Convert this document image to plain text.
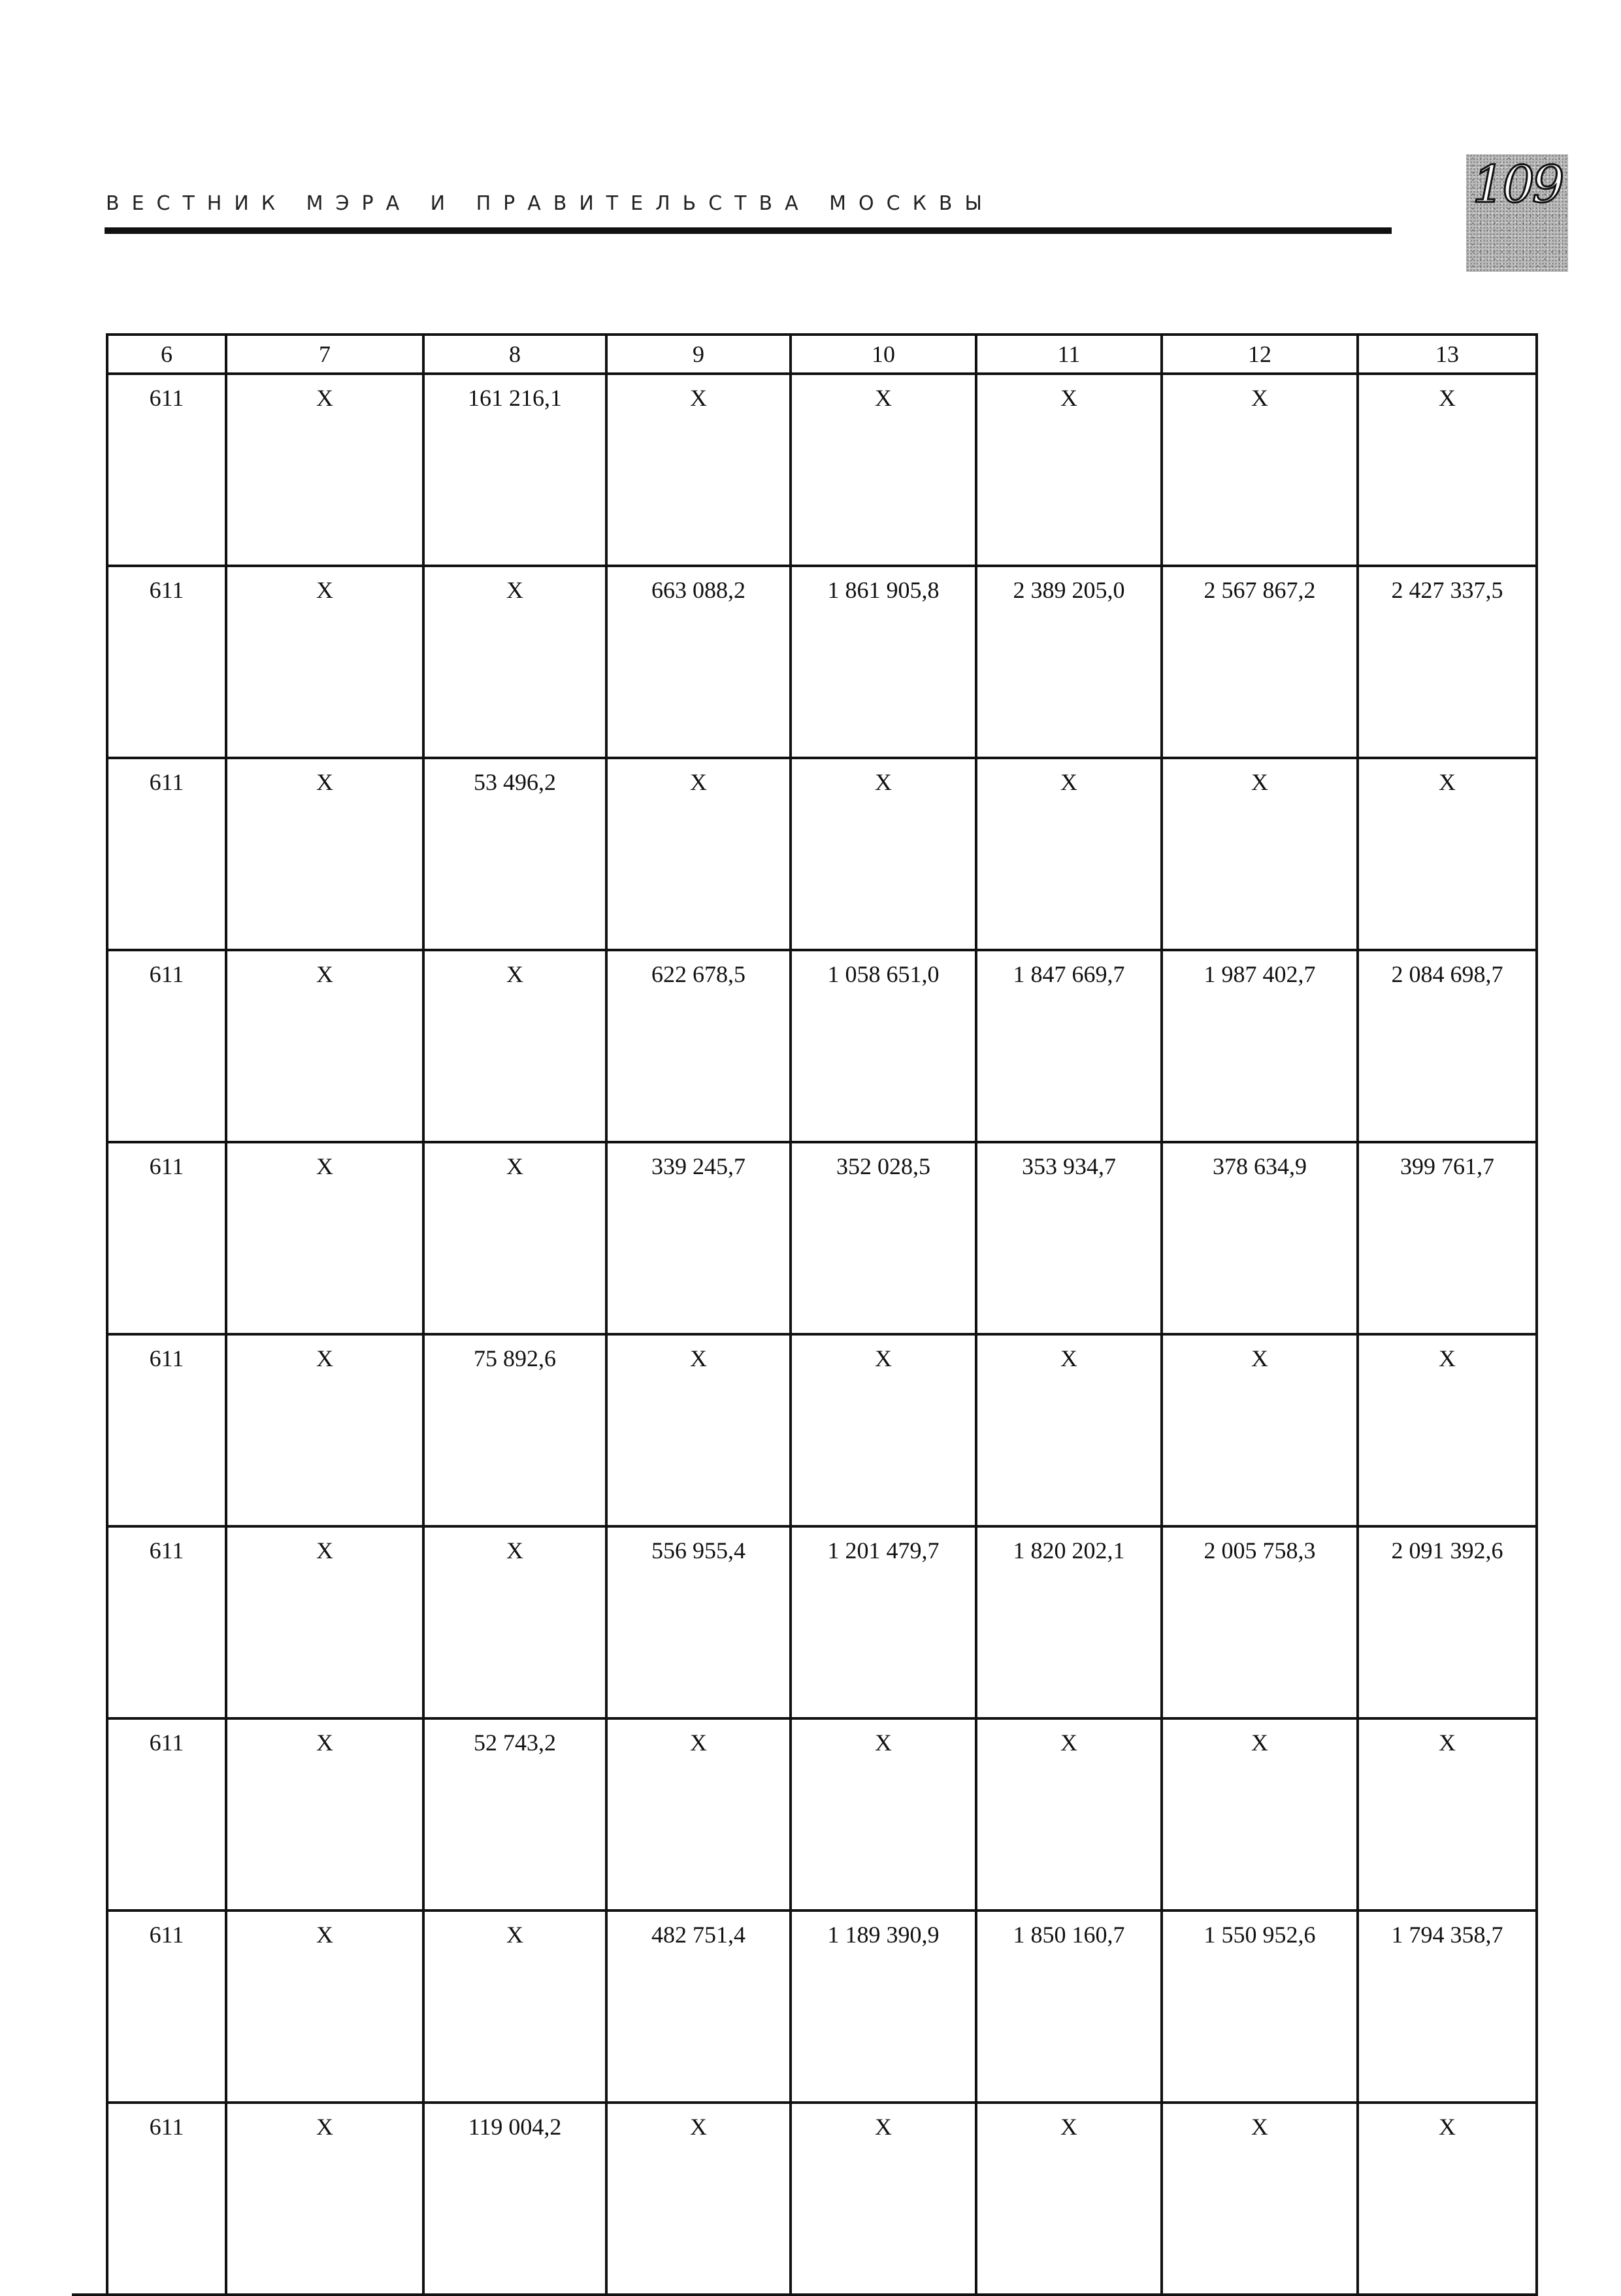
ВЕСТНИК МЭРА И ПРАВИТЕЛЬСТВА МОСКВЫ	109
	6	7	8	9	10	11	12	13
	611	X	161 216,1	X	X	X	X	X
	611	X	X	663 088,2	1 861 905,8	2 389 205,0	2 567 867,2	2 427 337,5
	611	X	53 496,2	X	X	X	X	X
	611	X	X	622 678,5	1 058 651,0	1 847 669,7	1 987 402,7	2 084 698,7
	611	X	X	339 245,7	352 028,5	353 934,7	378 634,9	399 761,7
	611	X	75 892,6	X	X	X	X	X
	611	X	X	556 955,4	1 201 479,7	1 820 202,1	2 005 758,3	2 091 392,6
	611	X	52 743,2	X	X	X	X	X
	611	X	X	482 751,4	1 189 390,9	1 850 160,7	1 550 952,6	1 794 358,7
	611	X	119 004,2	X	X	X	X	X
